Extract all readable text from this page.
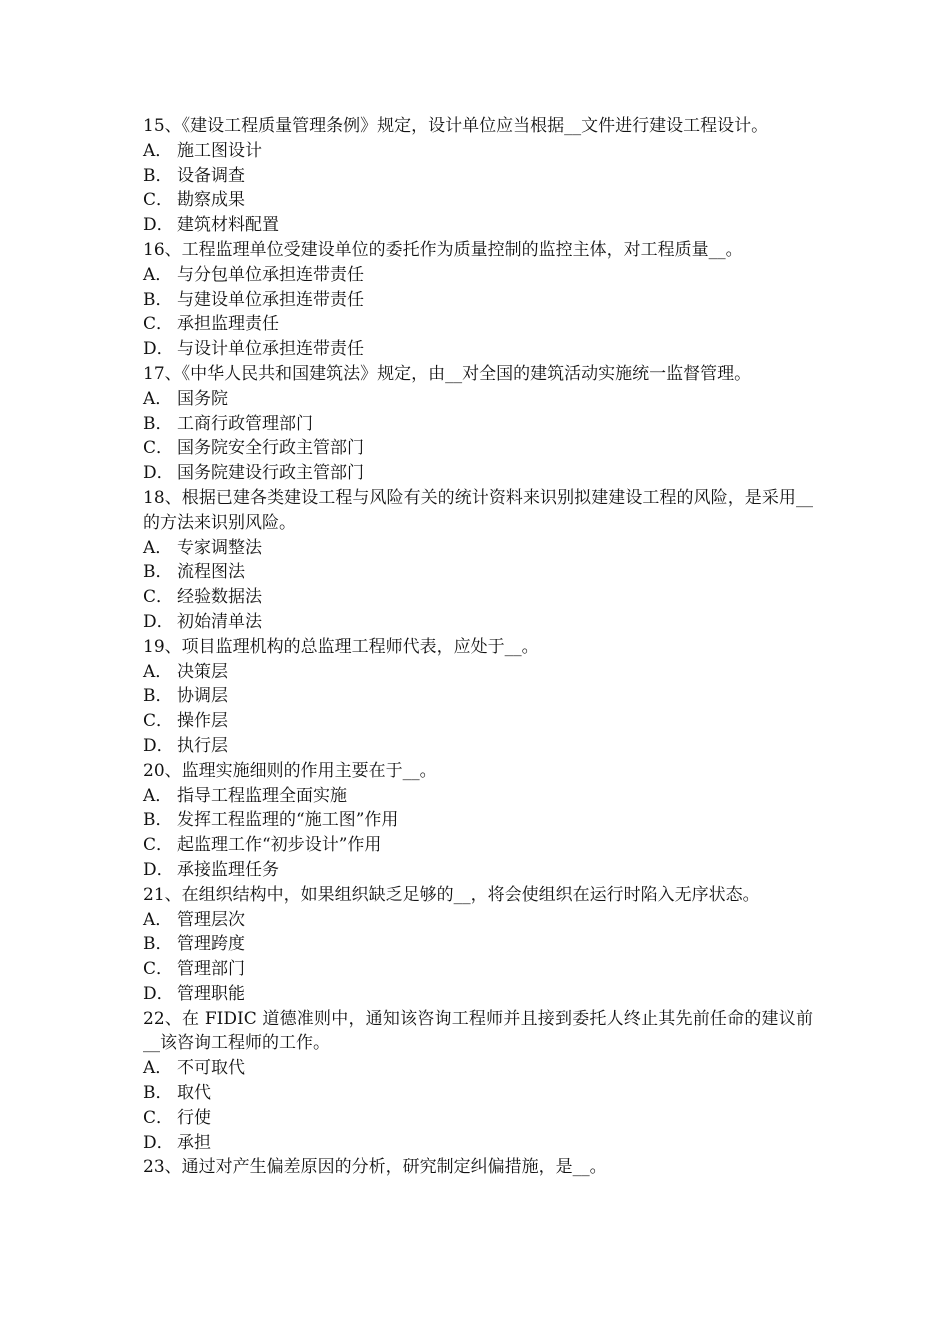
15、《建设工程质量管理条例》规定，设计单位应当根据__文件进行建设工程设计。

A． 施工图设计
B． 设备调查
C． 勘察成果
D． 建筑材料配置

16、工程监理单位受建设单位的委托作为质量控制的监控主体，对工程质量__。

A． 与分包单位承担连带责任
B． 与建设单位承担连带责任
C． 承担监理责任
D． 与设计单位承担连带责任

17、《中华人民共和国建筑法》规定，由__对全国的建筑活动实施统一监督管理。

A． 国务院
B． 工商行政管理部门
C． 国务院安全行政主管部门
D． 国务院建设行政主管部门

18、根据已建各类建设工程与风险有关的统计资料来识别拟建建设工程的风险，是采用__的方法来识别风险。

A． 专家调整法
B． 流程图法
C． 经验数据法
D． 初始清单法

19、项目监理机构的总监理工程师代表，应处于__。

A． 决策层
B． 协调层
C． 操作层
D． 执行层

20、监理实施细则的作用主要在于__。

A． 指导工程监理全面实施
B． 发挥工程监理的“施工图”作用
C． 起监理工作“初步设计”作用
D． 承接监理任务

21、在组织结构中，如果组织缺乏足够的__，将会使组织在运行时陷入无序状态。

A． 管理层次
B． 管理跨度
C． 管理部门
D． 管理职能

22、在 FIDIC 道德准则中，通知该咨询工程师并且接到委托人终止其先前任命的建议前__该咨询工程师的工作。

A． 不可取代
B． 取代
C． 行使
D． 承担

23、通过对产生偏差原因的分析，研究制定纠偏措施，是__。
